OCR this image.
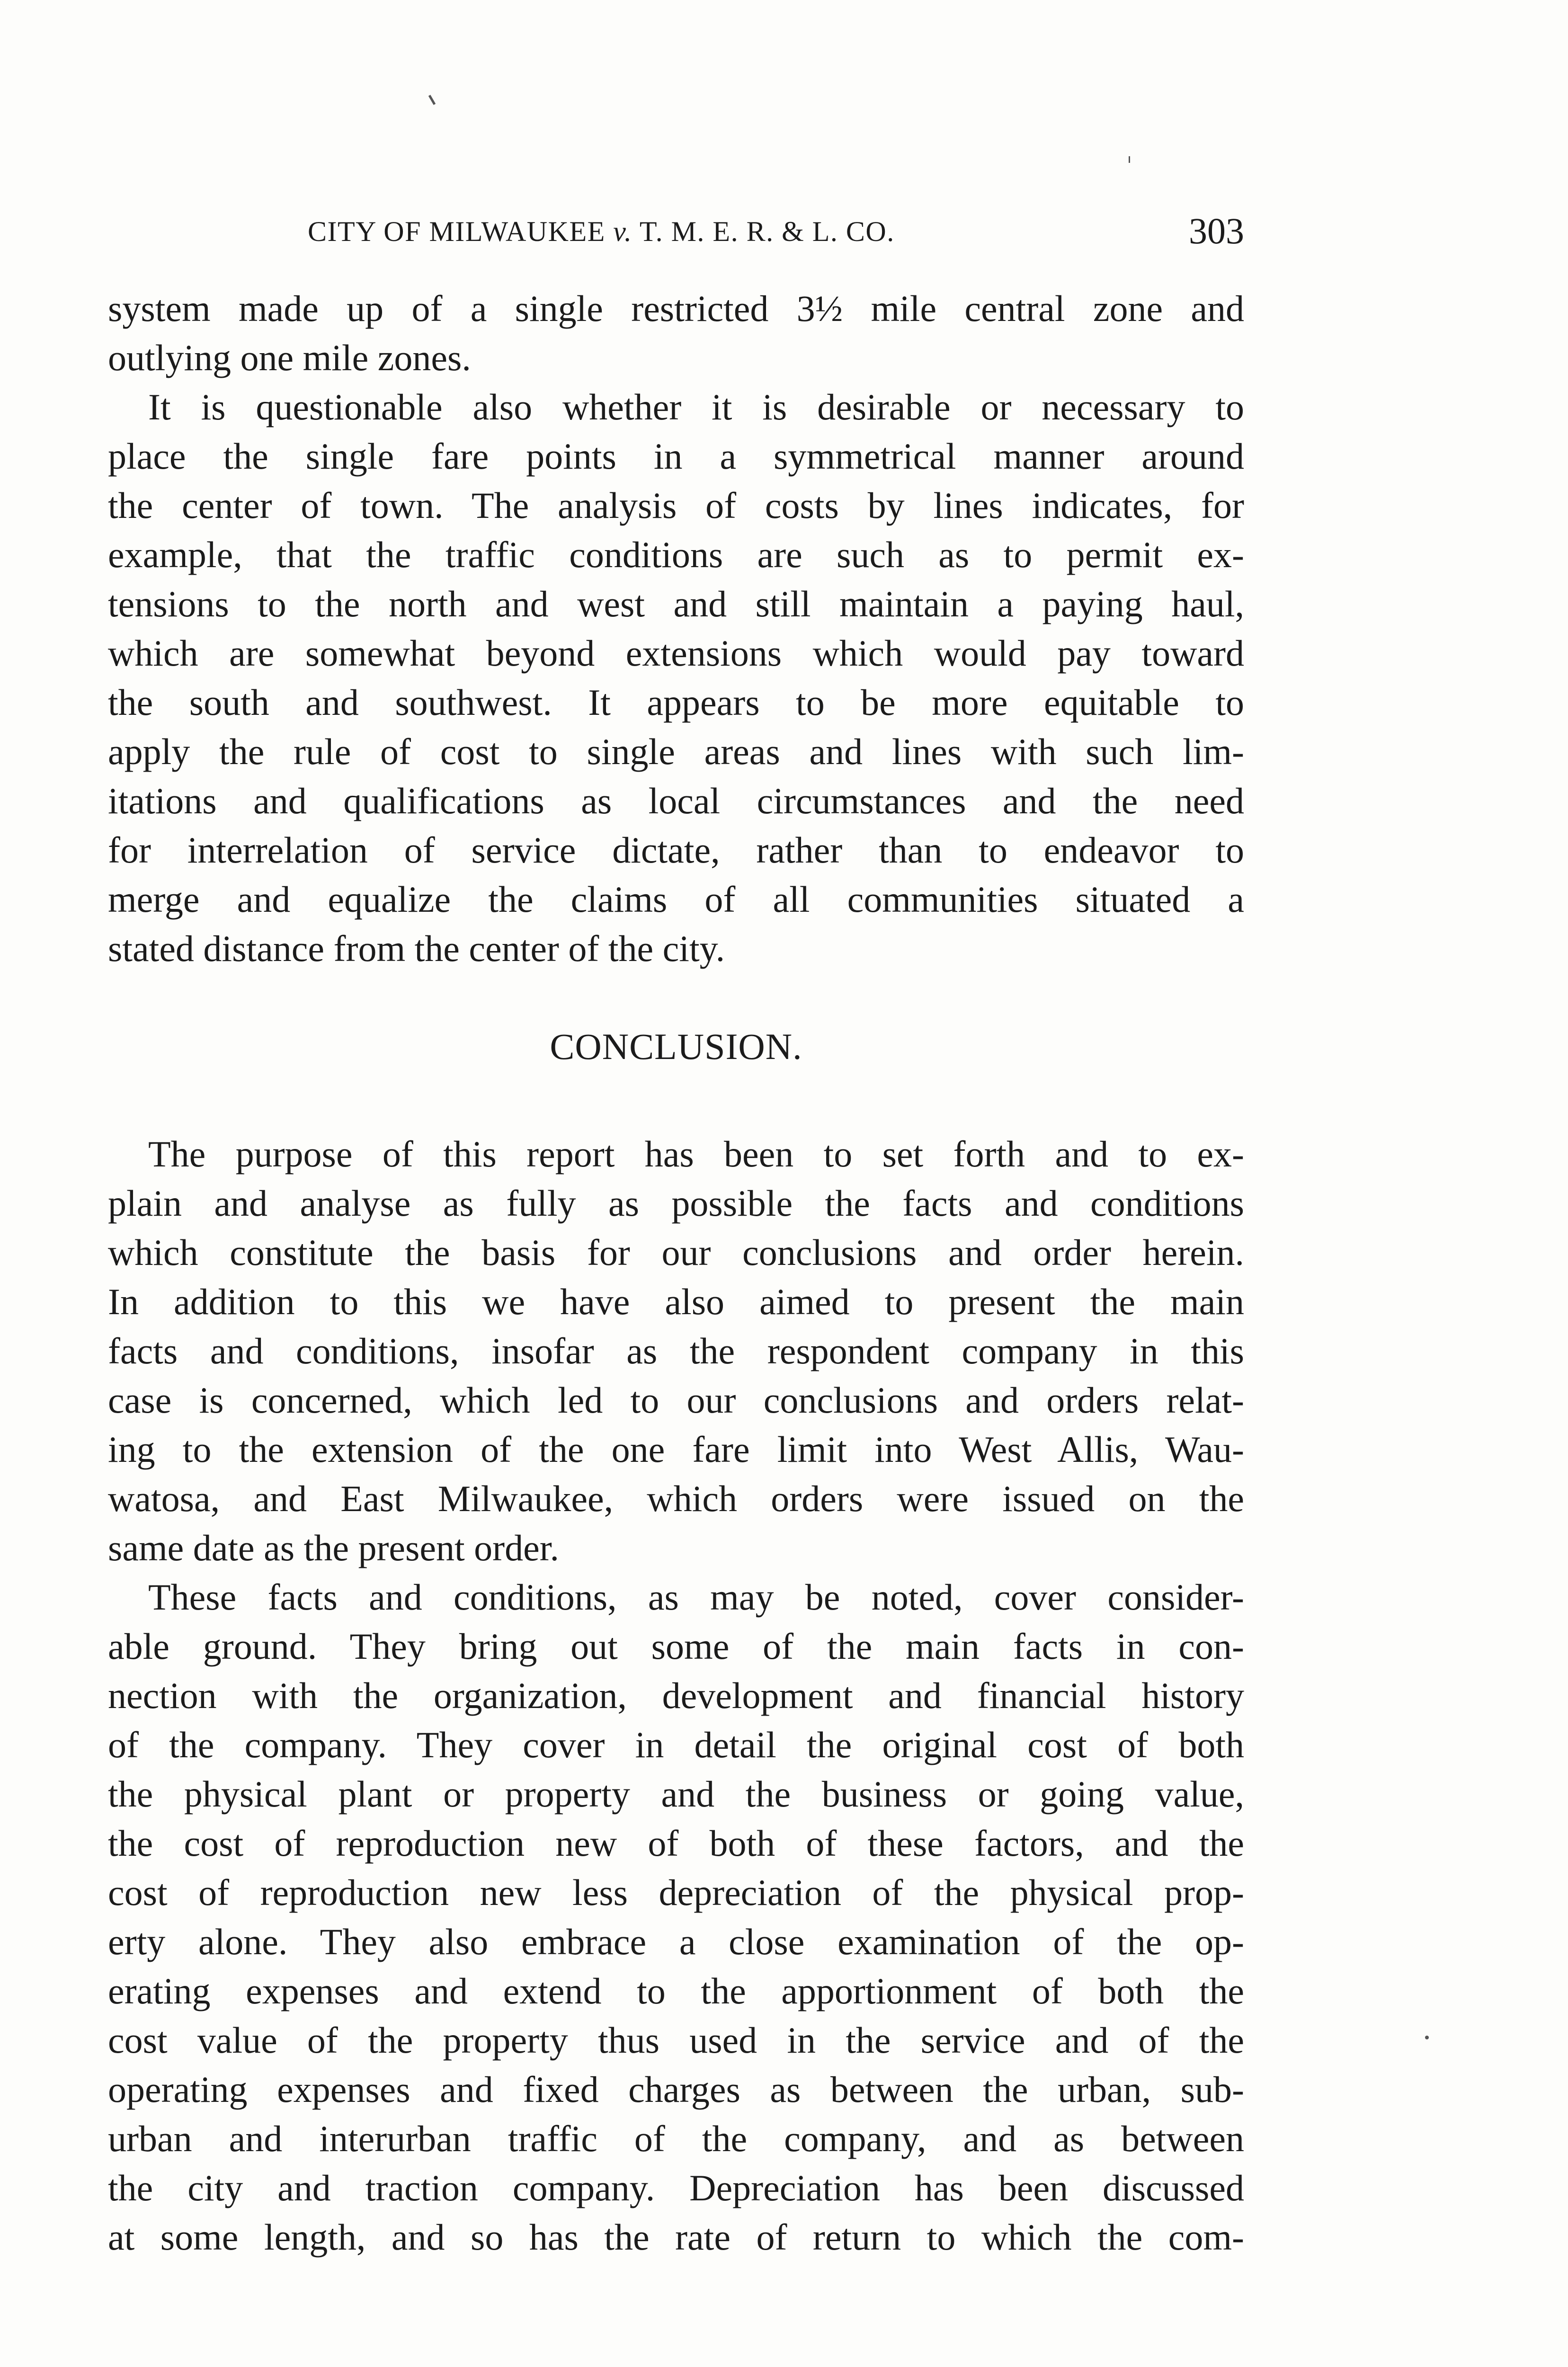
CITY OF MILWAUKEE v. T. M. E. R. & L. CO.	303
system made up of a single restricted 3½ mile central zone and
outlying one mile zones.
It is questionable also whether it is desirable or necessary to
place the single fare points in a symmetrical manner around
the center of town. The analysis of costs by lines indicates, for
example, that the traffic conditions are such as to permit ex-
tensions to the north and west and still maintain a paying haul,
which are somewhat beyond extensions which would pay toward
the south and southwest. It appears to be more equitable to
apply the rule of cost to single areas and lines with such lim-
itations and qualifications as local circumstances and the need
for interrelation of service dictate, rather than to endeavor to
merge and equalize the claims of all communities situated a
stated distance from the center of the city.
CONCLUSION.
The purpose of this report has been to set forth and to ex-
plain and analyse as fully as possible the facts and conditions
which constitute the basis for our conclusions and order herein.
In addition to this we have also aimed to present the main
facts and conditions, insofar as the respondent company in this
case is concerned, which led to our conclusions and orders relat-
ing to the extension of the one fare limit into West Allis, Wau-
watosa, and East Milwaukee, which orders were issued on the
same date as the present order.
These facts and conditions, as may be noted, cover consider-
able ground. They bring out some of the main facts in con-
nection with the organization, development and financial history
of the company. They cover in detail the original cost of both
the physical plant or property and the business or going value,
the cost of reproduction new of both of these factors, and the
cost of reproduction new less depreciation of the physical prop-
erty alone. They also embrace a close examination of the op-
erating expenses and extend to the apportionment of both the
cost value of the property thus used in the service and of the
operating expenses and fixed charges as between the urban, sub-
urban and interurban traffic of the company, and as between
the city and traction company. Depreciation has been discussed
at some length, and so has the rate of return to which the com-
